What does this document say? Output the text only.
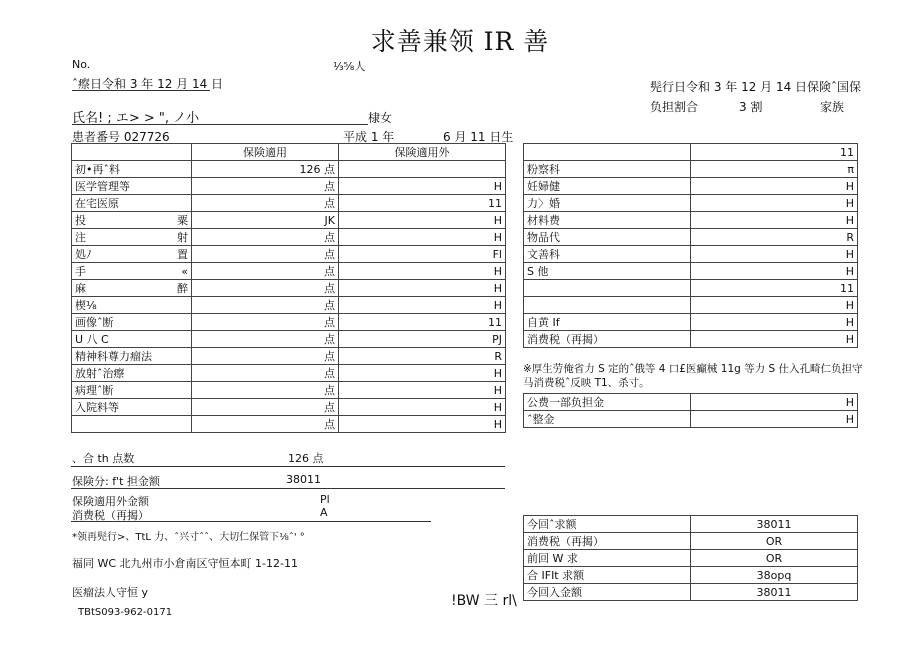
求善兼领 IR 善
No.	⅓⅝人
ˆ瘵日令和 3 年 12 月 14 日	髡行日令和 3 年 12 月 14 日保険ˆ国保
负担割合	3 割	家族
氏名! ; エ> > ", ノ小	棣女
患者番号 027726	平成 1 年	6 月 11 日生
	保険適用	保険適用外

初•再ˆ料	126 点	

医学管理等	点	H

在宅医原	点	11

投 粟	JK	H

注 射	点	H

処ﾉ 置	点	Fl

手 «	点	H

麻 醉	点	H

楔⅛	点	H

画像ˆ断	点	11

U 八 C	点	PJ

精神科尊力瘤法	点	R

放射ˆ治瘵	点	H

病理ˆ断	点	H

入院料等	点	H

	点	H
、合 th 点数	126 点
保険分: f't 担金额	38011
保険適用外金额	Pl
消费税（再揭）	A
*领再髡行>、TtL 力、ˆ兴寸ˆˆ、大切仁保管下⅛ˆ' °
	11
粉察科	π
妊婦健	H
力〉婚	H
材料费	H
物品代	R
文善科	H
S 他	H
	11
	H
自黄 If	H
消费税（再揭）	H
※厚生劳俺省力 S 定的ˆ俄等 4 口£医癲械 11g 等力 S 仕入孔畸仁负担守马消费税ˆ反映 T1、杀寸。
公费一部负担金	H
ˆ整金	H
今回ˆ求额	38011
消费税（再揭）	OR
前回 W 求	OR
合 IFIt 求额	38opq
今回入金额	38011
福同 WC 北九州市小倉南区守恒本町 1-12-11
医瘤法人守恒 y
!BW 三 rl\
TBtS093-962-0171
